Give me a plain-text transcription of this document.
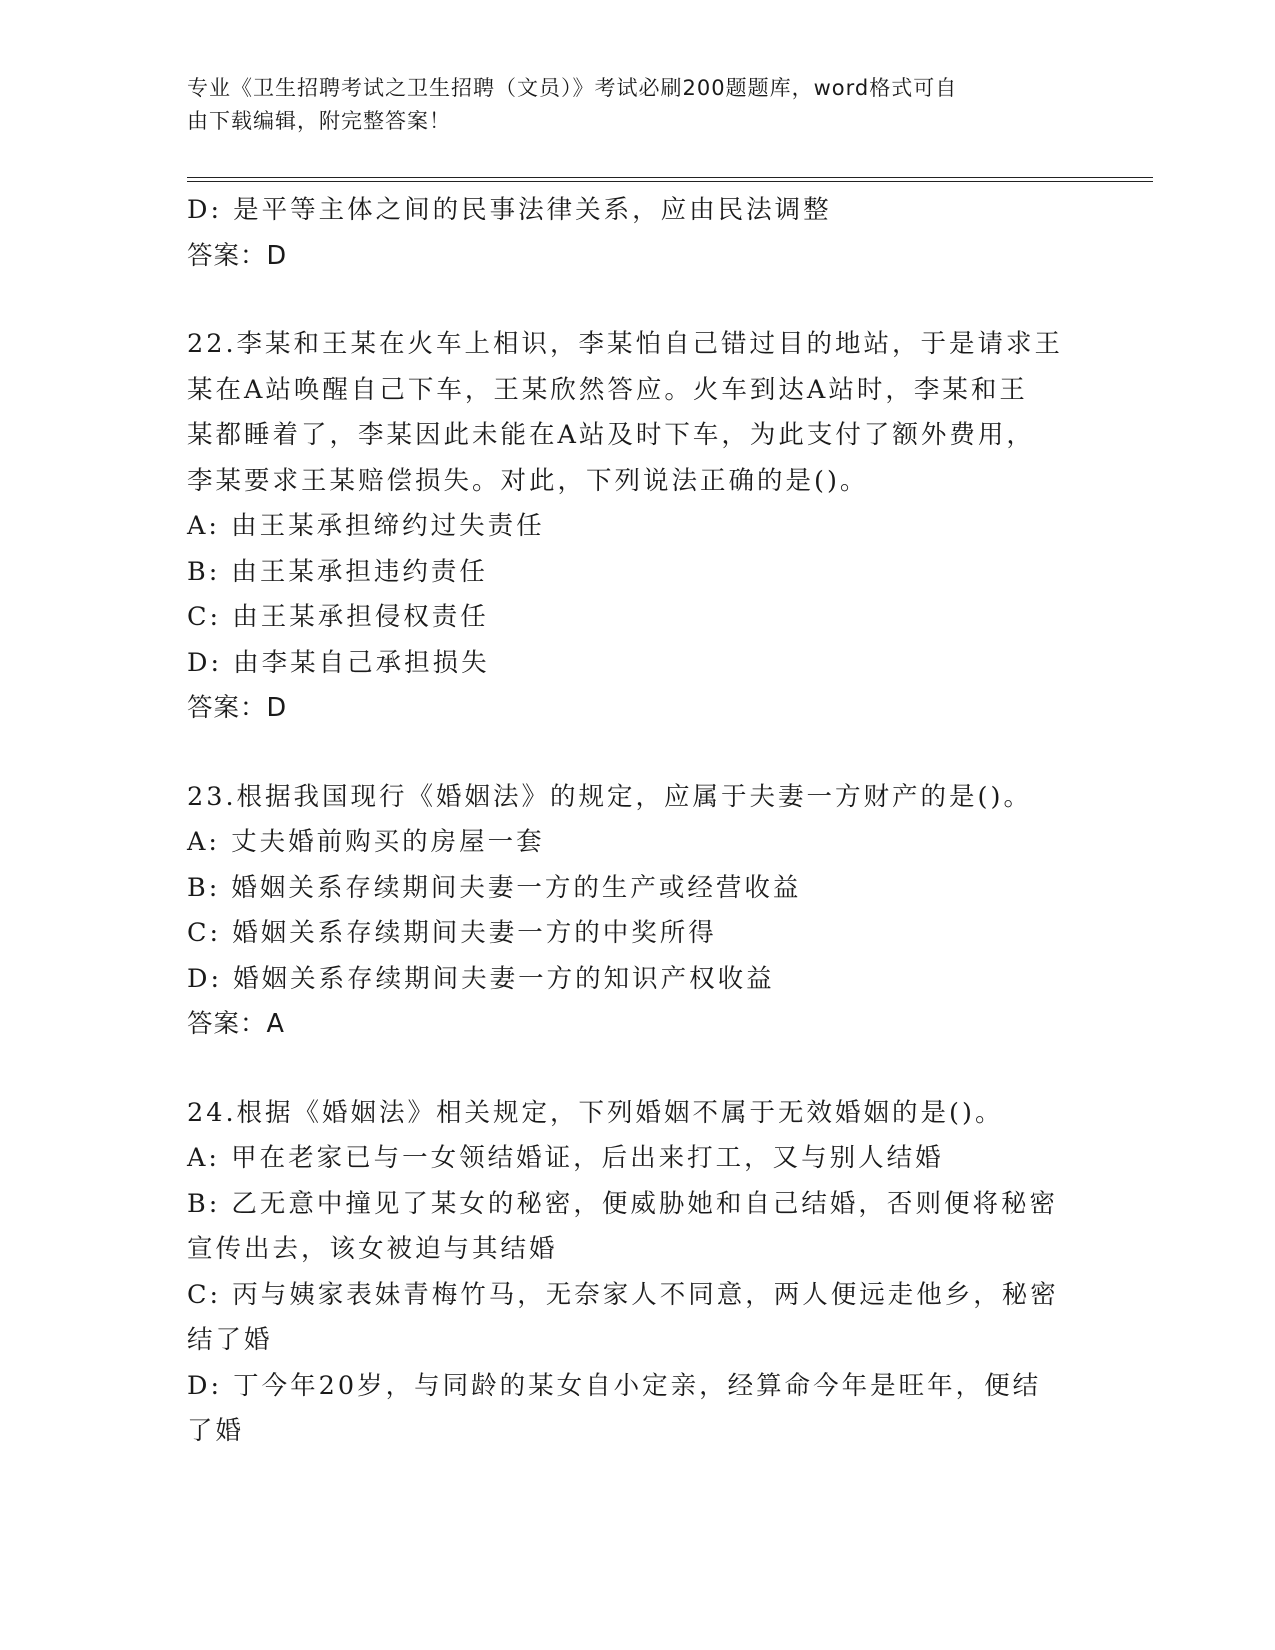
专业《卫生招聘考试之卫生招聘（文员）》考试必刷200题题库，word格式可自
由下载编辑，附完整答案！
D: 是平等主体之间的民事法律关系，应由民法调整
答案：D
22.李某和王某在火车上相识，李某怕自己错过目的地站，于是请求王
某在A站唤醒自己下车，王某欣然答应。火车到达A站时，李某和王
某都睡着了，李某因此未能在A站及时下车，为此支付了额外费用，
李某要求王某赔偿损失。对此，下列说法正确的是()。
A: 由王某承担缔约过失责任
B: 由王某承担违约责任
C: 由王某承担侵权责任
D: 由李某自己承担损失
答案：D
23.根据我国现行《婚姻法》的规定，应属于夫妻一方财产的是()。
A: 丈夫婚前购买的房屋一套
B: 婚姻关系存续期间夫妻一方的生产或经营收益
C: 婚姻关系存续期间夫妻一方的中奖所得
D: 婚姻关系存续期间夫妻一方的知识产权收益
答案：A
24.根据《婚姻法》相关规定，下列婚姻不属于无效婚姻的是()。
A: 甲在老家已与一女领结婚证，后出来打工，又与别人结婚
B: 乙无意中撞见了某女的秘密，便威胁她和自己结婚，否则便将秘密
宣传出去，该女被迫与其结婚
C: 丙与姨家表妹青梅竹马，无奈家人不同意，两人便远走他乡，秘密
结了婚
D: 丁今年20岁，与同龄的某女自小定亲，经算命今年是旺年，便结
了婚
